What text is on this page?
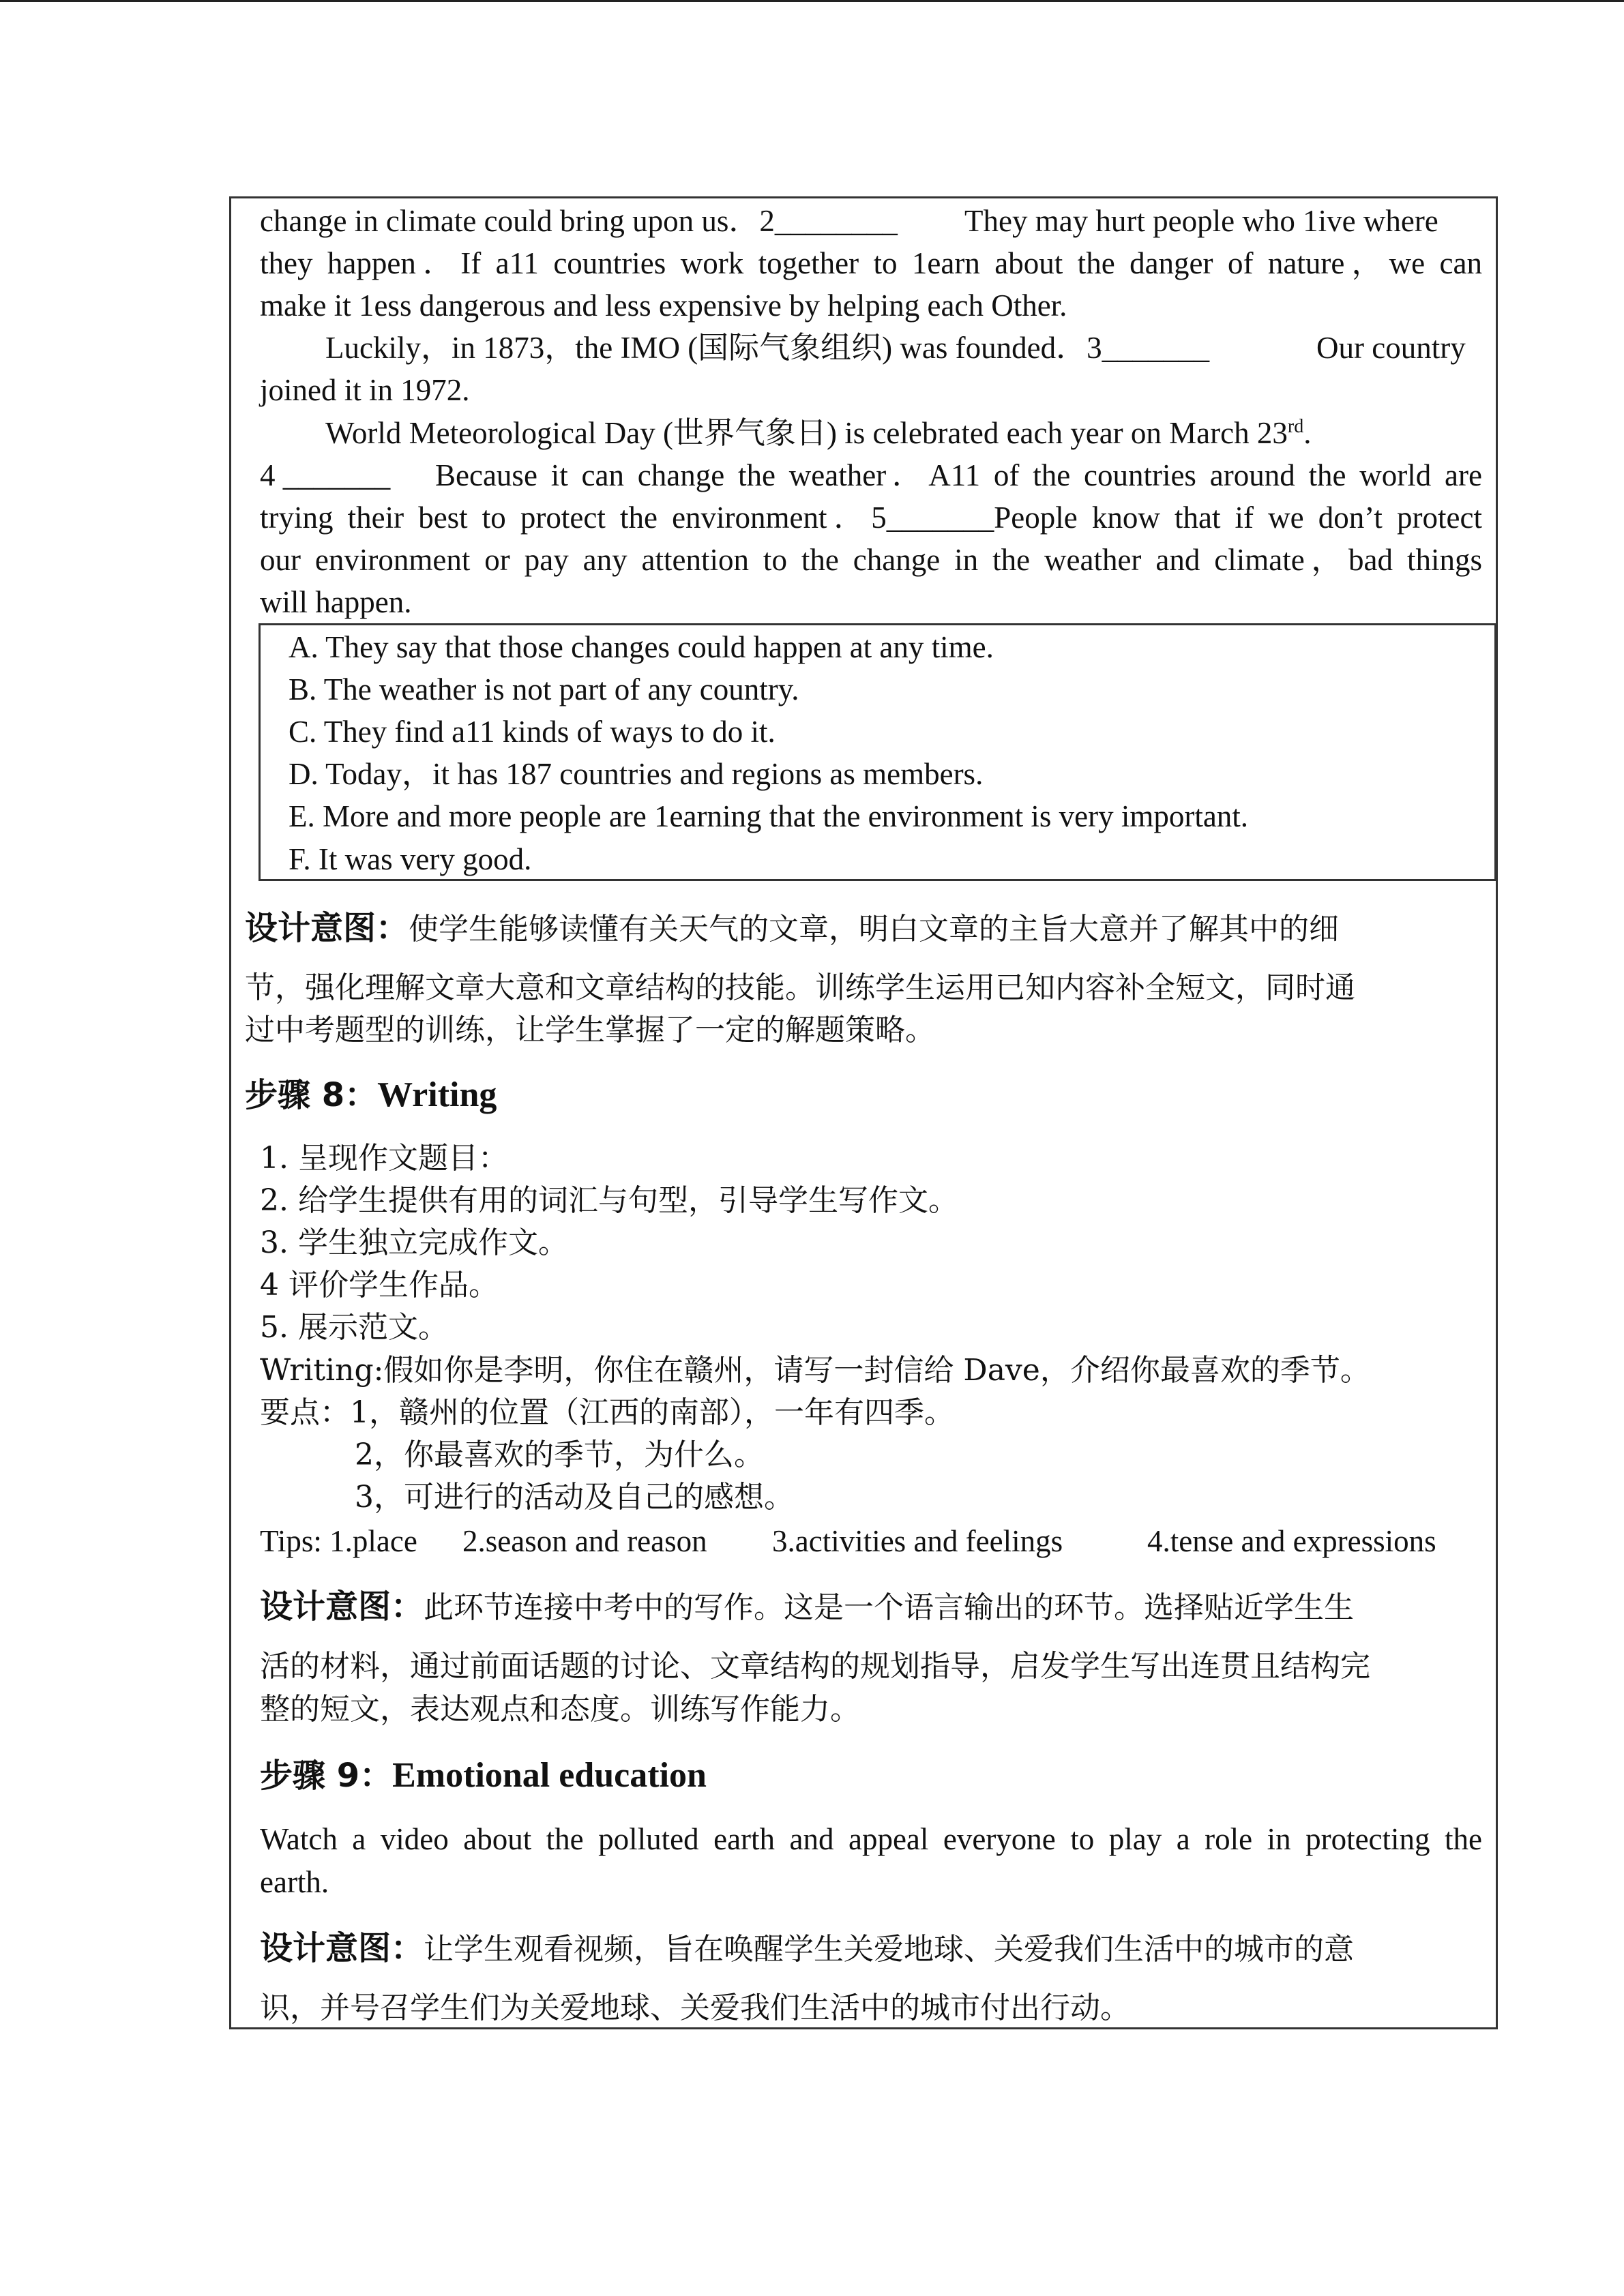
change in climate could bring upon us．2________ They may hurt people who 1ive where
they happen．If a11 countries work together to 1earn about the danger of nature，we can
make it 1ess dangerous and less expensive by helping each Other.
Luckily，in 1873，the IMO (国际气象组织) was founded．3_______	Our country
joined it in 1972.
World Meteorological Day (世界气象日) is celebrated each year on March 23rd.
4 _______ Because it can change the weather．A11 of the countries around the world are
trying their best to protect the environment．5_______People know that if we don’t protect
our environment or pay any attention to the change in the weather and climate，bad things
will happen.
A. They say that those changes could happen at any time.
B. The weather is not part of any country.
C. They find a11 kinds of ways to do it.
D. Today，it has 187 countries and regions as members.
E. More and more people are 1earning that the environment is very important.
F. It was very good.
设计意图：使学生能够读懂有关天气的文章，明白文章的主旨大意并了解其中的细
节，强化理解文章大意和文章结构的技能。训练学生运用已知内容补全短文，同时通
过中考题型的训练，让学生掌握了一定的解题策略。
步骤 8：Writing
1. 呈现作文题目：
2. 给学生提供有用的词汇与句型，引导学生写作文。
3. 学生独立完成作文。
4 评价学生作品。
5. 展示范文。
Writing:假如你是李明，你住在赣州，请写一封信给 Dave，介绍你最喜欢的季节。
要点：1，赣州的位置（江西的南部），一年有四季。
2，你最喜欢的季节，为什么。
3，可进行的活动及自己的感想。
Tips: 1.place 2.season and reason 3.activities and feelings	4.tense and expressions
设计意图：此环节连接中考中的写作。这是一个语言输出的环节。选择贴近学生生
活的材料，通过前面话题的讨论、文章结构的规划指导，启发学生写出连贯且结构完
整的短文，表达观点和态度。训练写作能力。
步骤 9：Emotional education
Watch a video about the polluted earth and appeal everyone to play a role in protecting the
earth.
设计意图：让学生观看视频，旨在唤醒学生关爱地球、关爱我们生活中的城市的意
识，并号召学生们为关爱地球、关爱我们生活中的城市付出行动。
